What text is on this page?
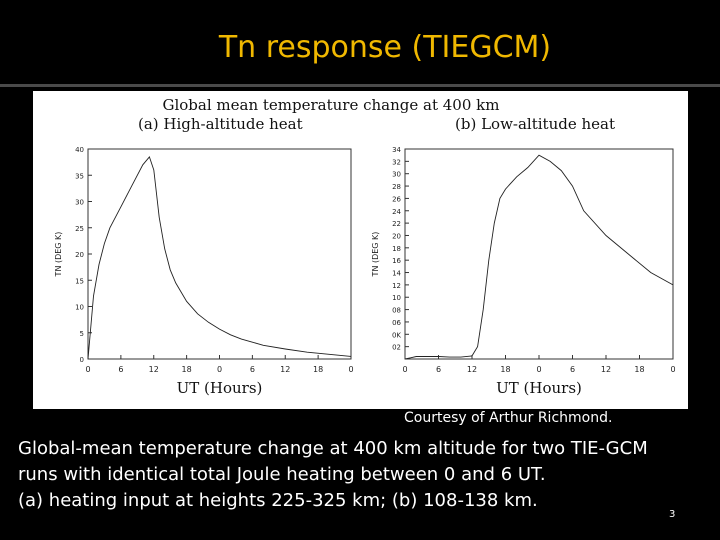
Tn response (TIEGCM)
Global mean temperature change at 400 km
(a) High-altitude heat
0
5
10
15
20
25
30
35
40
0	6	12	18	0	6	12	18	0
UT (Hours)
TN (DEG K)
(b) Low-altitude heat
02
0K
06
08
10
12
14
16
18
20
22
24
26
28
30
32
34
0	6	12	18	0	6	12	18	0
UT (Hours)
TN (DEG K)
Courtesy of Arthur Richmond.
Global-mean temperature change at 400 km altitude for two TIE-GCM
runs with identical total Joule heating between 0 and 6 UT.
(a) heating input at heights 225-325 km; (b) 108-138 km.
3
